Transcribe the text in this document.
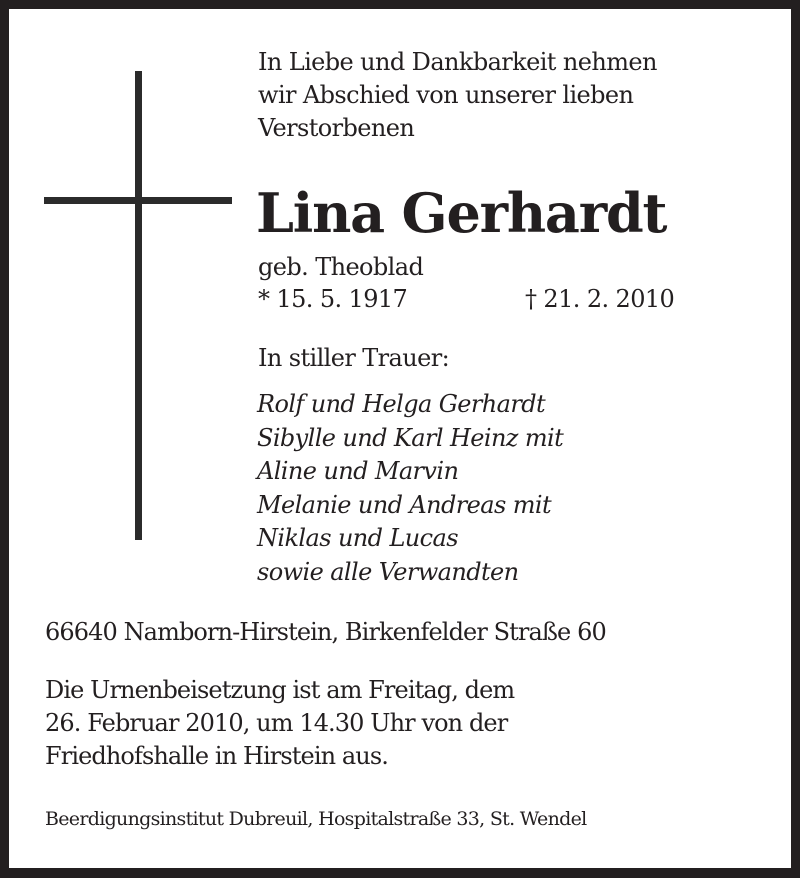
In Liebe und Dankbarkeit nehmen
wir Abschied von unserer lieben
Verstorbenen
Lina Gerhardt
geb. Theoblad
* 15. 5. 1917	† 21. 2. 2010
In stiller Trauer:
Rolf und Helga Gerhardt
Sibylle und Karl Heinz mit
Aline und Marvin
Melanie und Andreas mit
Niklas und Lucas
sowie alle Verwandten
66640 Namborn-Hirstein, Birkenfelder Straße 60
Die Urnenbeisetzung ist am Freitag, dem
26. Februar 2010, um 14.30 Uhr von der
Friedhofshalle in Hirstein aus.
Beerdigungsinstitut Dubreuil, Hospitalstraße 33, St. Wendel
